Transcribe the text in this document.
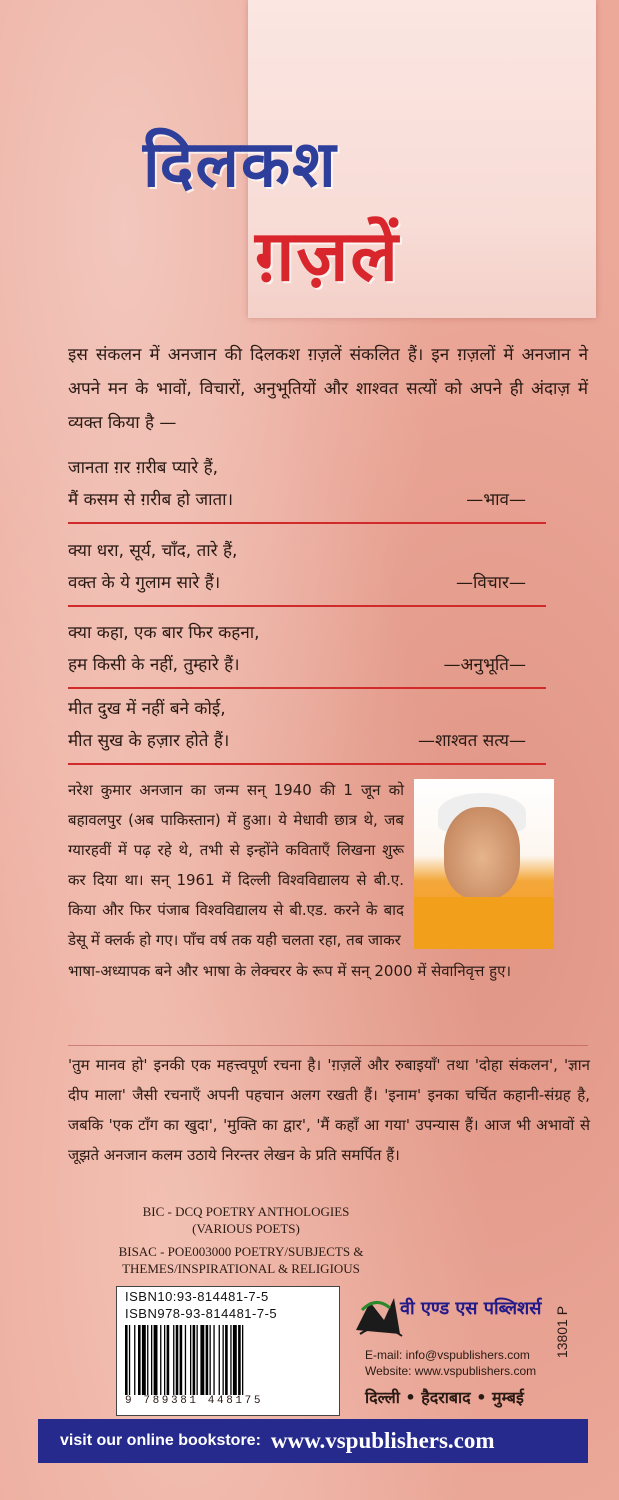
दिलकश
ग़ज़लें
इस संकलन में अनजान की दिलकश ग़ज़लें संकलित हैं। इन ग़ज़लों में अनजान ने अपने मन के भावों, विचारों, अनुभूतियों और शाश्वत सत्यों को अपने ही अंदाज़ में व्यक्त किया है —
जानता ग़र ग़रीब प्यारे हैं,
मैं कसम से ग़रीब हो जाता।	—भाव—
क्या धरा, सूर्य, चाँद, तारे हैं,
वक्त के ये गुलाम सारे हैं।	—विचार—
क्या कहा, एक बार फिर कहना,
हम किसी के नहीं, तुम्हारे हैं।	—अनुभूति—
मीत दुख में नहीं बने कोई,
मीत सुख के हज़ार होते हैं।	—शाश्वत सत्य—
नरेश कुमार अनजान का जन्म सन् 1940 की 1 जून को बहावलपुर (अब पाकिस्तान) में हुआ। ये मेधावी छात्र थे, जब ग्यारहवीं में पढ़ रहे थे, तभी से इन्होंने कविताएँ लिखना शुरू कर दिया था। सन् 1961 में दिल्ली विश्वविद्यालय से बी.ए. किया और फिर पंजाब विश्वविद्यालय से बी.एड. करने के बाद डेसू में क्लर्क हो गए। पाँच वर्ष तक यही चलता रहा, तब जाकर
भाषा-अध्यापक बने और भाषा के लेक्चरर के रूप में सन् 2000 में सेवानिवृत्त हुए।
'तुम मानव हो' इनकी एक महत्त्वपूर्ण रचना है। 'ग़ज़लें और रुबाइयाँ' तथा 'दोहा संकलन', 'ज्ञान दीप माला' जैसी रचनाएँ अपनी पहचान अलग रखती हैं। 'इनाम' इनका चर्चित कहानी-संग्रह है, जबकि 'एक टाँग का खुदा', 'मुक्ति का द्वार', 'मैं कहाँ आ गया' उपन्यास हैं। आज भी अभावों से जूझते अनजान कलम उठाये निरन्तर लेखन के प्रति समर्पित हैं।
BIC - DCQ POETRY ANTHOLOGIES (VARIOUS POETS)
BISAC - POE003000 POETRY/SUBJECTS & THEMES/INSPIRATIONAL & RELIGIOUS
ISBN10:93-814481-7-5
ISBN978-93-814481-7-5
9 789381 448175
वी एण्ड एस पब्लिशर्स
E-mail: info@vspublishers.com
Website: www.vspublishers.com
दिल्ली • हैदराबाद • मुम्बई
13801 P
visit our online bookstore: www.vspublishers.com
